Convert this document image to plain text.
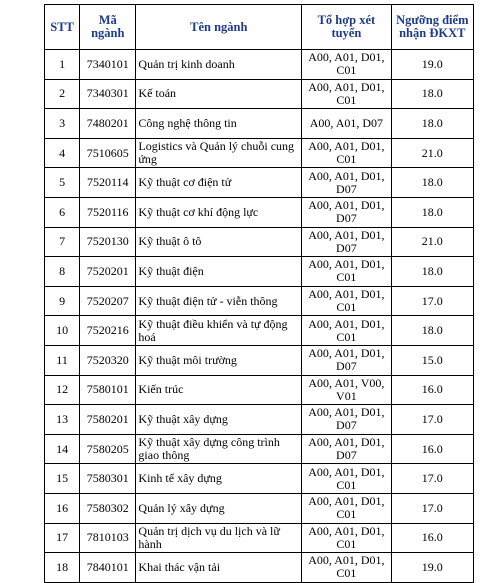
STT	Mã ngành	Tên ngành	Tổ hợp xét tuyển	Ngưỡng điểm nhận ĐKXT
1	7340101	Quản trị kinh doanh	A00, A01, D01, C01	19.0
2	7340301	Kế toán	A00, A01, D01, C01	18.0
3	7480201	Công nghệ thông tin	A00, A01, D07	18.0
4	7510605	Logistics và Quản lý chuỗi cung ứng	A00, A01, D01, C01	21.0
5	7520114	Kỹ thuật cơ điện tử	A00, A01, D01, D07	18.0
6	7520116	Kỹ thuật cơ khí động lực	A00, A01, D01, D07	18.0
7	7520130	Kỹ thuật ô tô	A00, A01, D01, D07	21.0
8	7520201	Kỹ thuật điện	A00, A01, D01, C01	18.0
9	7520207	Kỹ thuật điện tử - viễn thông	A00, A01, D01, C01	17.0
10	7520216	Kỹ thuật điều khiển và tự động hoá	A00, A01, D01, C01	18.0
11	7520320	Kỹ thuật môi trường	A00, A01, D01, D07	15.0
12	7580101	Kiến trúc	A00, A01, V00, V01	16.0
13	7580201	Kỹ thuật xây dựng	A00, A01, D01, D07	17.0
14	7580205	Kỹ thuật xây dựng công trình giao thông	A00, A01, D01, D07	16.0
15	7580301	Kinh tế xây dựng	A00, A01, D01, C01	17.0
16	7580302	Quản lý xây dựng	A00, A01, D01, C01	17.0
17	7810103	Quản trị dịch vụ du lịch và lữ hành	A00, A01, D01, C01	16.0
18	7840101	Khai thác vận tải	A00, A01, D01, C01	19.0
